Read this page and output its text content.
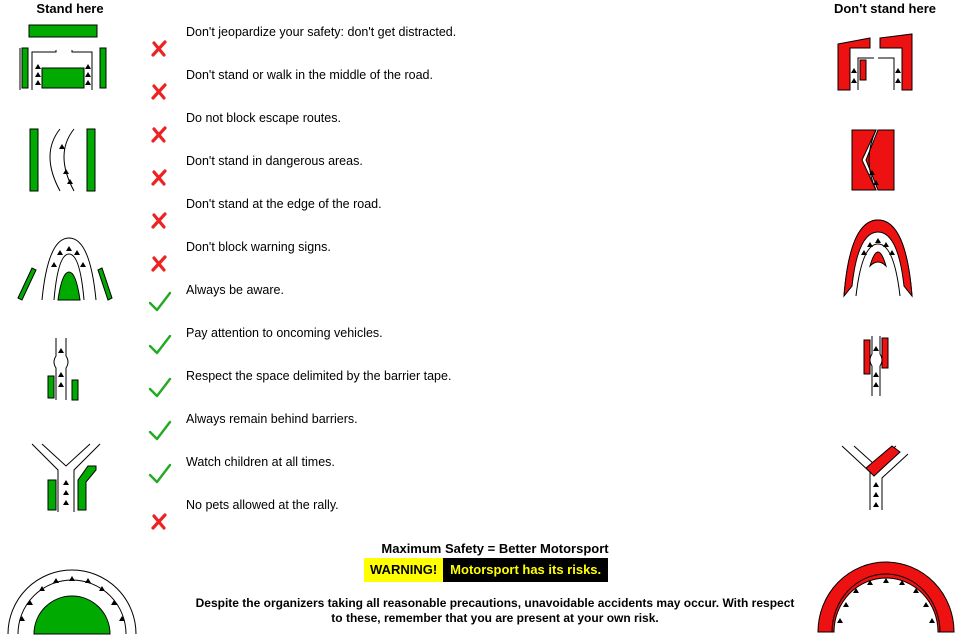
Stand here	Don't stand here
Don't jeopardize your safety: don't get distracted.
Don't stand or walk in the middle of the road.
Do not block escape routes.
Don't stand in dangerous areas.
Don't stand at the edge of the road.
Don't block warning signs.
Always be aware.
Pay attention to oncoming vehicles.
Respect the space delimited by the barrier tape.
Always remain behind barriers.
Watch children at all times.
No pets allowed at the rally.
Maximum Safety = Better Motorsport
WARNING!	Motorsport has its risks.
Despite the organizers taking all reasonable precautions, unavoidable accidents may occur. With respect to these, remember that you are present at your own risk.
